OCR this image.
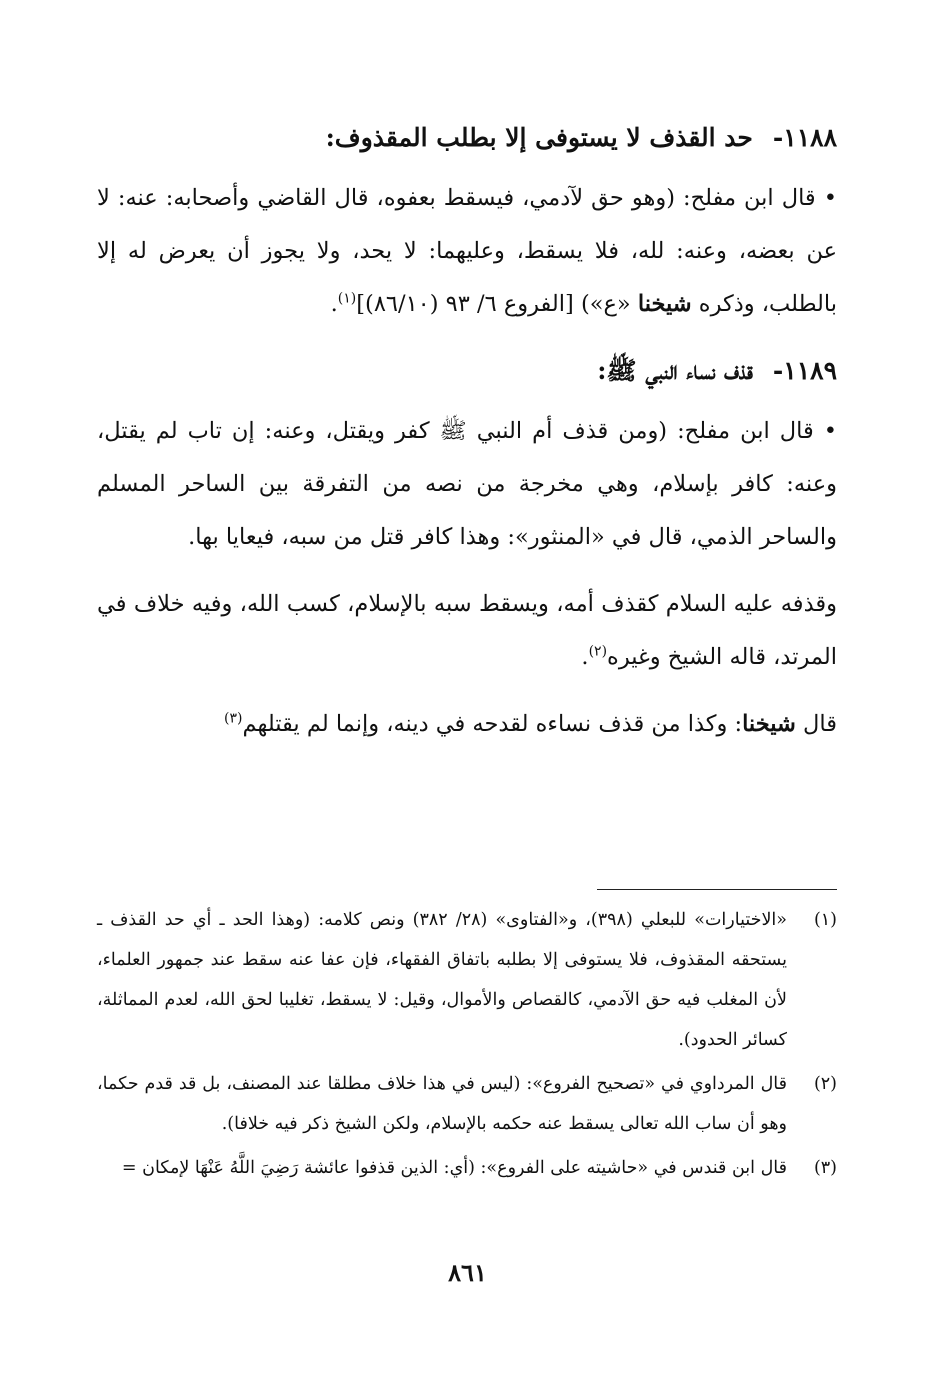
١١٨٨-حد القذف لا يستوفى إلا بطلب المقذوف:

• قال ابن مفلح: (وهو حق لآدمي، فيسقط بعفوه، قال القاضي وأصحابه: عنه: لا عن بعضه، وعنه: لله، فلا يسقط، وعليهما: لا يحد، ولا يجوز أن يعرض له إلا بالطلب، وذكره شيخنا «ع») [الفروع ٦/ ٩٣ (٨٦/١٠)]$^{(١)}$.

١١٨٩-قذف نساء النبي ﷺ:

• قال ابن مفلح: (ومن قذف أم النبي ﷺ كفر ويقتل، وعنه: إن تاب لم يقتل، وعنه: كافر بإسلام، وهي مخرجة من نصه من التفرقة بين الساحر المسلم والساحر الذمي، قال في «المنثور»: وهذا كافر قتل من سبه، فيعايا بها.

وقذفه عليه السلام كقذف أمه، ويسقط سبه بالإسلام، كسب الله، وفيه خلاف في المرتد، قاله الشيخ وغيره$^{(٢)}$.

قال شيخنا: وكذا من قذف نساءه لقدحه في دينه، وإنما لم يقتلهم$^{(٣)}$

(١)
«الاختيارات» للبعلي (٣٩٨)، و«الفتاوى» (٢٨/ ٣٨٢) ونص كلامه: (وهذا الحد ـ أي حد القذف ـ يستحقه المقذوف، فلا يستوفى إلا بطلبه باتفاق الفقهاء، فإن عفا عنه سقط عند جمهور العلماء، لأن المغلب فيه حق الآدمي، كالقصاص والأموال، وقيل: لا يسقط، تغليبا لحق الله، لعدم المماثلة، كسائر الحدود).
(٢)
قال المرداوي في «تصحيح الفروع»: (ليس في هذا خلاف مطلقا عند المصنف، بل قد قدم حكما، وهو أن ساب الله تعالى يسقط عنه حكمه بالإسلام، ولكن الشيخ ذكر فيه خلافا).
(٣)
قال ابن قندس في «حاشيته على الفروع»: (أي: الذين قذفوا عائشة رَضِيَ اللَّهُ عَنْهَا لإمكان =
٨٦١
